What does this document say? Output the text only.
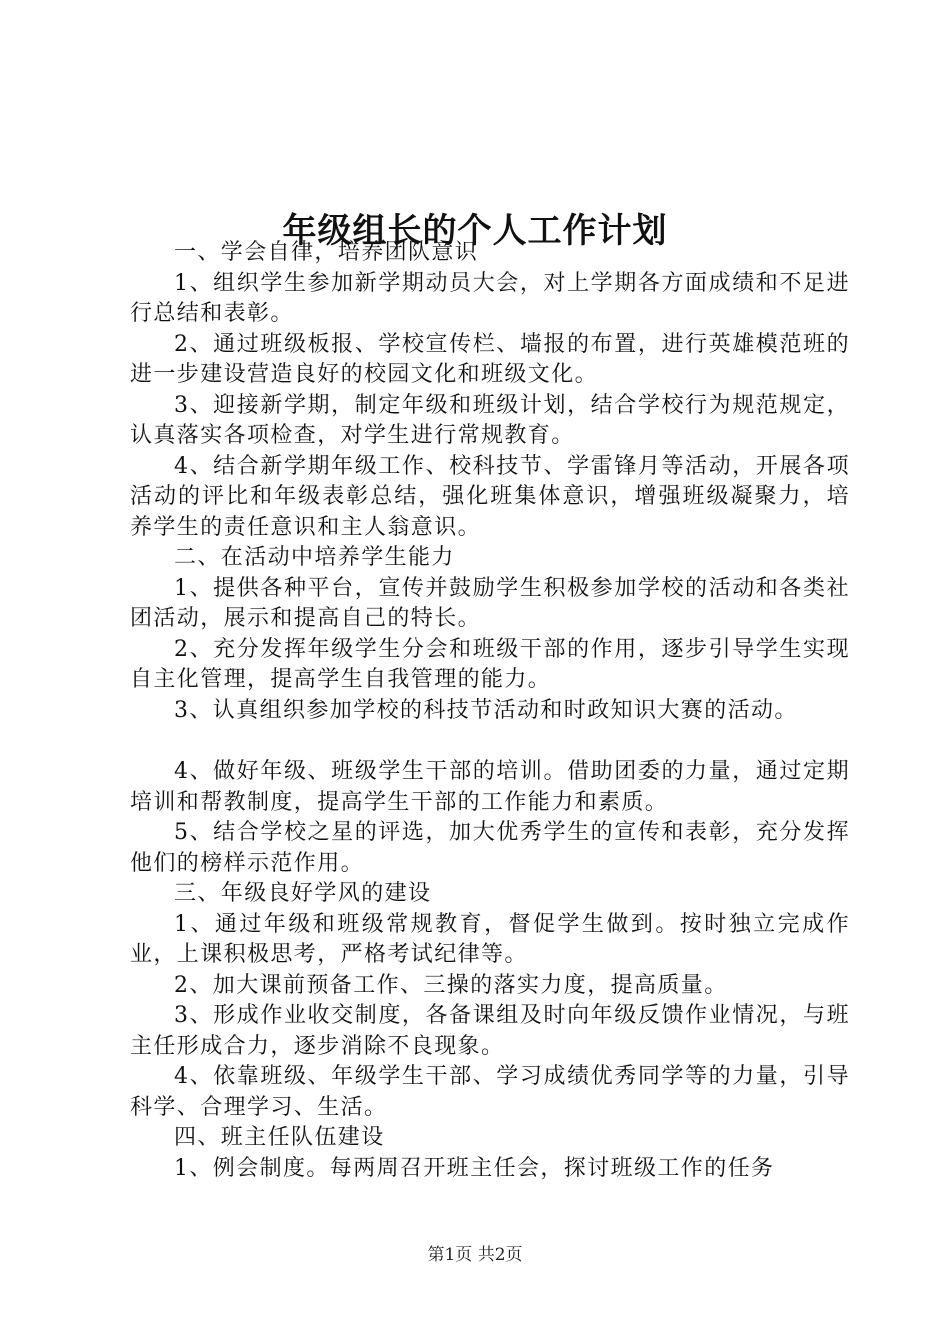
年级组长的个人工作计划

一、学会自律，培养团队意识

1、组织学生参加新学期动员大会，对上学期各方面成绩和不足进行总结和表彰。

2、通过班级板报、学校宣传栏、墙报的布置，进行英雄模范班的进一步建设营造良好的校园文化和班级文化。

3、迎接新学期，制定年级和班级计划，结合学校行为规范规定，认真落实各项检查，对学生进行常规教育。

4、结合新学期年级工作、校科技节、学雷锋月等活动，开展各项活动的评比和年级表彰总结，强化班集体意识，增强班级凝聚力，培养学生的责任意识和主人翁意识。

二、在活动中培养学生能力

1、提供各种平台，宣传并鼓励学生积极参加学校的活动和各类社团活动，展示和提高自己的特长。

2、充分发挥年级学生分会和班级干部的作用，逐步引导学生实现自主化管理，提高学生自我管理的能力。

3、认真组织参加学校的科技节活动和时政知识大赛的活动。

4、做好年级、班级学生干部的培训。借助团委的力量，通过定期培训和帮教制度，提高学生干部的工作能力和素质。

5、结合学校之星的评选，加大优秀学生的宣传和表彰，充分发挥他们的榜样示范作用。

三、年级良好学风的建设

1、通过年级和班级常规教育，督促学生做到。按时独立完成作业，上课积极思考，严格考试纪律等。

2、加大课前预备工作、三操的落实力度，提高质量。

3、形成作业收交制度，各备课组及时向年级反馈作业情况，与班主任形成合力，逐步消除不良现象。

4、依靠班级、年级学生干部、学习成绩优秀同学等的力量，引导科学、合理学习、生活。

四、班主任队伍建设

1、例会制度。每两周召开班主任会，探讨班级工作的任务

第1页 共2页
